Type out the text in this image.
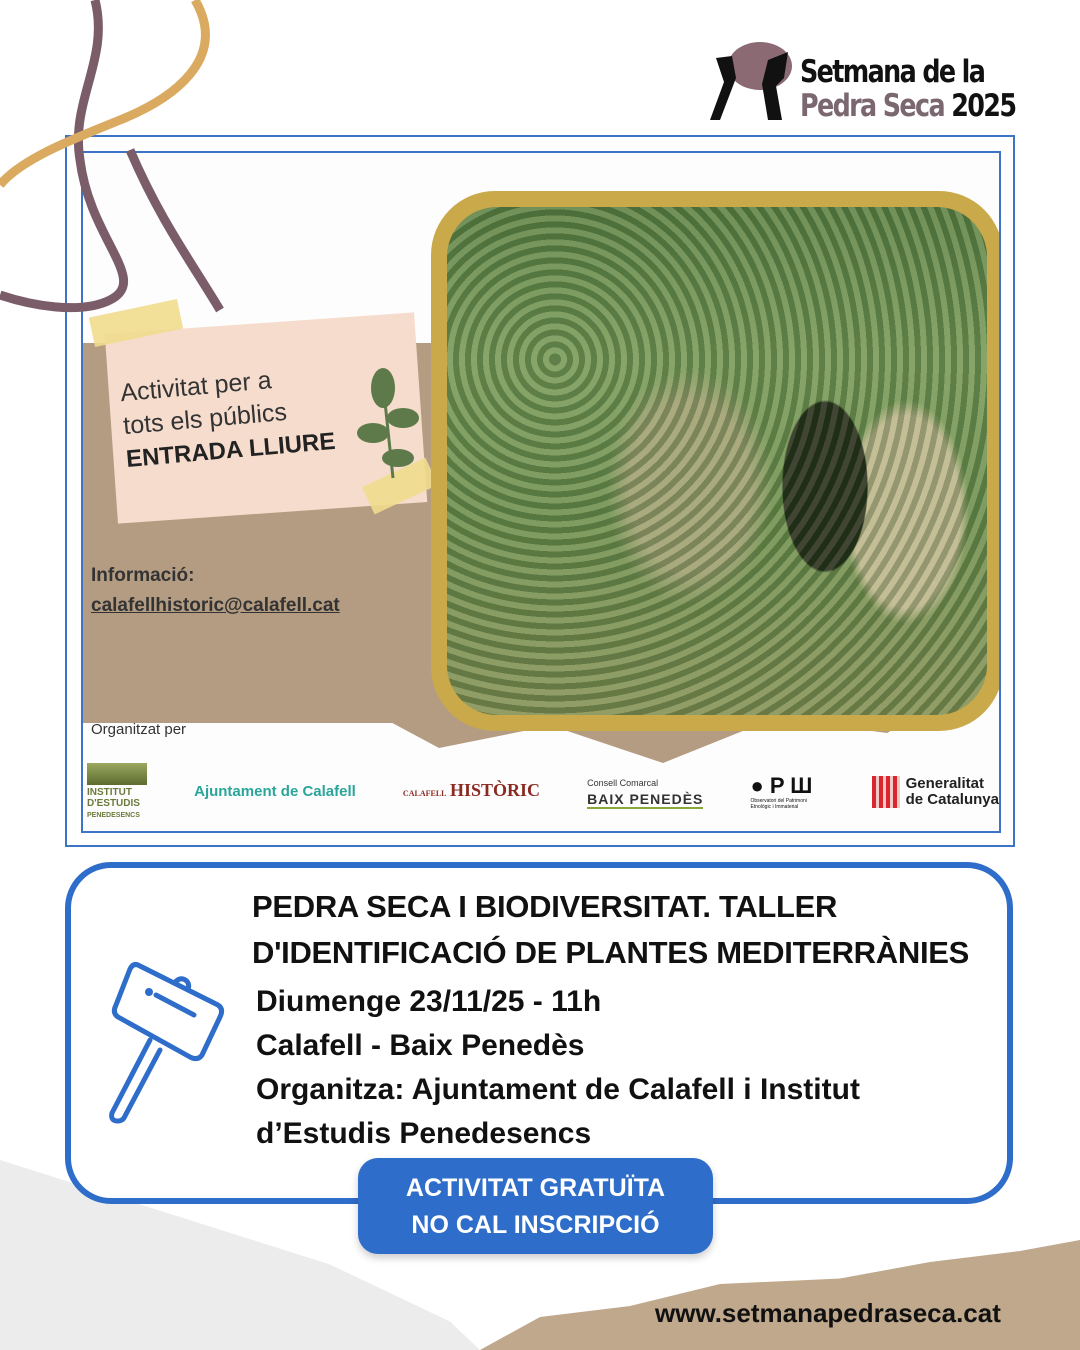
Setmana de la
Pedra Seca 2025
Activitat per a
tots els públics
ENTRADA LLIURE
Informació:
calafellhistoric@calafell.cat
Organitzat per
INSTITUT D'ESTUDIS
PENEDESENCS
Ajuntament de Calafell	CALAFELL HISTÒRIC	Consell Comarcal
BAIX PENEDÈS
● P Ш
Observatori del Patrimoni Etnològic i Immaterial
Generalitat
de Catalunya
PEDRA SECA I BIODIVERSITAT. TALLER
D'IDENTIFICACIÓ DE PLANTES MEDITERRÀNIES
Diumenge 23/11/25 - 11h
Calafell - Baix Penedès
Organitza: Ajuntament de Calafell i Institut
d’Estudis Penedesencs
ACTIVITAT GRATUÏTA
NO CAL INSCRIPCIÓ
www.setmanapedraseca.cat
